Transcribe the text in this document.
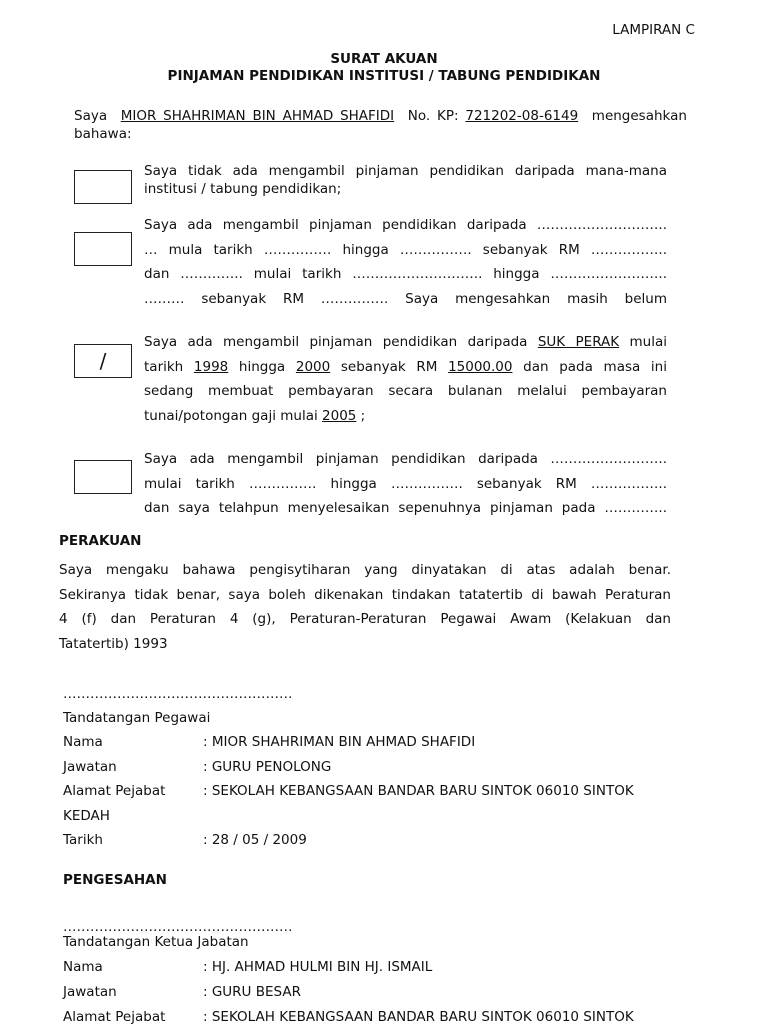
LAMPIRAN C
SURAT AKUAN
PINJAMAN PENDIDIKAN INSTITUSI / TABUNG PENDIDIKAN
Saya MIOR SHAHRIMAN BIN AHMAD SHAFIDI No. KP: 721202-08-6149 mengesahkan
bahawa:
Saya tidak ada mengambil pinjaman pendidikan daripada mana-mana
institusi / tabung pendidikan;
Saya ada mengambil pinjaman pendidikan daripada ………………………..
… mula tarikh …………… hingga ……………. sebanyak RM ……………..
dan ………….. mulai tarikh ……………………….. hingga ……………………..
……… sebanyak RM …………… Saya mengesahkan masih belum
/
Saya ada mengambil pinjaman pendidikan daripada SUK PERAK mulai
tarikh 1998 hingga 2000 sebanyak RM 15000.00 dan pada masa ini
sedang membuat pembayaran secara bulanan melalui pembayaran
tunai/potongan gaji mulai 2005 ;
Saya ada mengambil pinjaman pendidikan daripada ……………………..
mulai tarikh …………… hingga ……………. sebanyak RM ……………..
dan saya telahpun menyelesaikan sepenuhnya pinjaman pada …………..
PERAKUAN
Saya mengaku bahawa pengisytiharan yang dinyatakan di atas adalah benar.
Sekiranya tidak benar, saya boleh dikenakan tindakan tatatertib di bawah Peraturan
4 (f) dan Peraturan 4 (g), Peraturan-Peraturan Pegawai Awam (Kelakuan dan
Tatatertib) 1993
……………………………………………
Tandatangan Pegawai
Nama	: MIOR SHAHRIMAN BIN AHMAD SHAFIDI
Jawatan	: GURU PENOLONG
Alamat Pejabat	: SEKOLAH KEBANGSAAN BANDAR BARU SINTOK 06010 SINTOK
KEDAH
Tarikh	: 28 / 05 / 2009
PENGESAHAN
……………………………………………
Tandatangan Ketua Jabatan
Nama	: HJ. AHMAD HULMI BIN HJ. ISMAIL
Jawatan	: GURU BESAR
Alamat Pejabat	: SEKOLAH KEBANGSAAN BANDAR BARU SINTOK 06010 SINTOK
